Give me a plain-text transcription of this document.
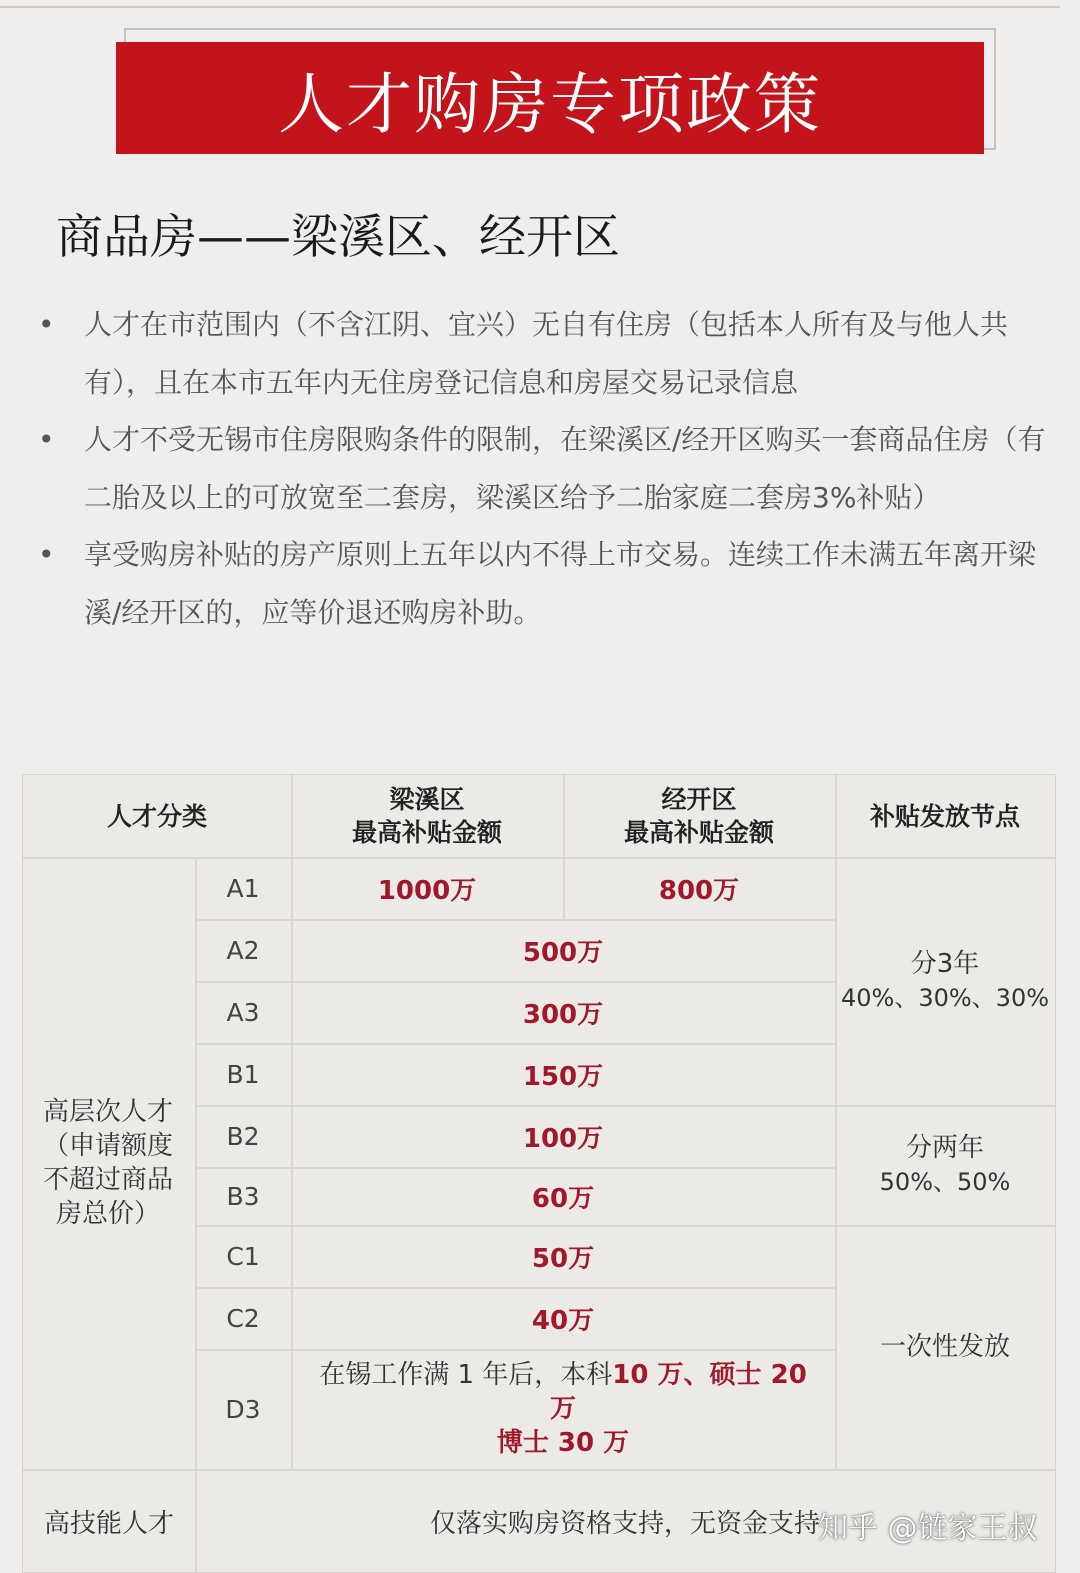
人才购房专项政策
商品房——梁溪区、经开区
• 人才在市范围内（不含江阴、宜兴）无自有住房（包括本人所有及与他人共有），且在本市五年内无住房登记信息和房屋交易记录信息
• 人才不受无锡市住房限购条件的限制，在梁溪区/经开区购买一套商品住房（有二胎及以上的可放宽至二套房，梁溪区给予二胎家庭二套房3%补贴）
• 享受购房补贴的房产原则上五年以内不得上市交易。连续工作未满五年离开梁溪/经开区的，应等价退还购房补助。
人才分类
梁溪区
最高补贴金额
经开区
最高补贴金额
补贴发放节点
高层次人才（申请额度不超过商品房总价）
A1
A2
A3
B1
B2
B3
C1
C2
D3
1000万	800万
500万
300万
150万
100万
60万
50万
40万
在锡工作满 1 年后，本科10 万、硕士 20 万
博士 30 万
分3年
40%、30%、30%
分两年
50%、50%
一次性发放
高技能人才	仅落实购房资格支持，无资金支持
知乎 @链家王叔
